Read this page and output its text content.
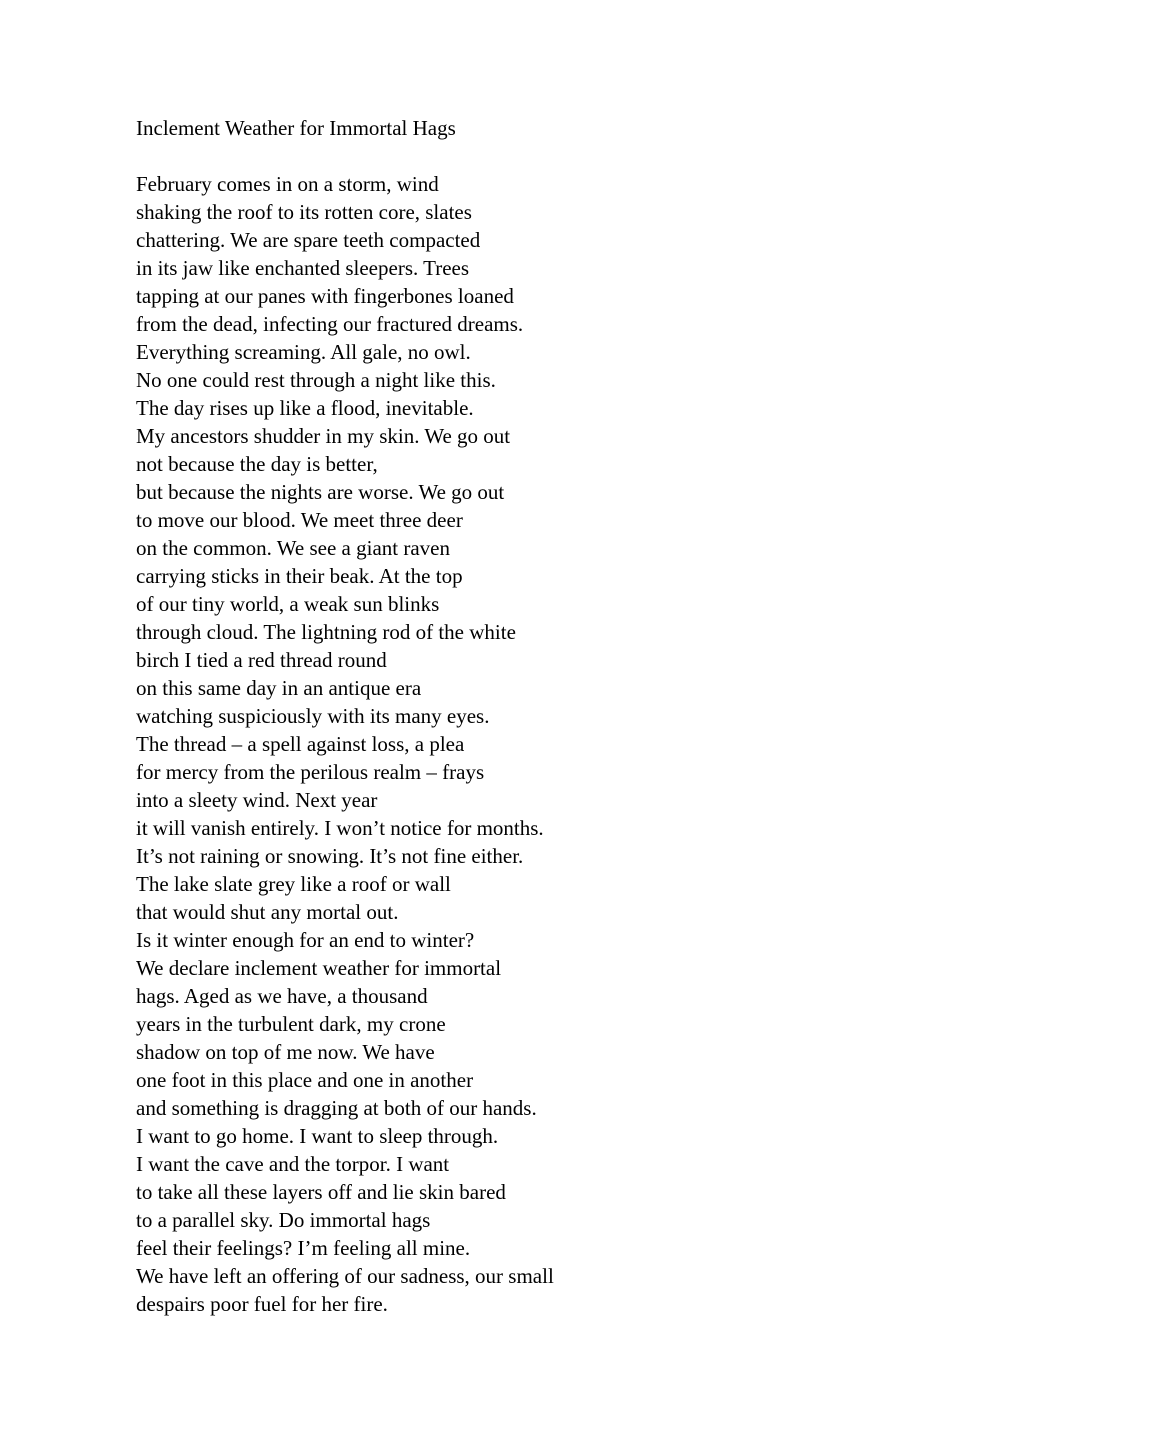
Inclement Weather for Immortal Hags
February comes in on a storm, wind
shaking the roof to its rotten core, slates
chattering. We are spare teeth compacted
in its jaw like enchanted sleepers. Trees
tapping at our panes with fingerbones loaned
from the dead, infecting our fractured dreams.
Everything screaming. All gale, no owl.
No one could rest through a night like this.
The day rises up like a flood, inevitable.
My ancestors shudder in my skin. We go out
not because the day is better,
but because the nights are worse. We go out
to move our blood. We meet three deer
on the common. We see a giant raven
carrying sticks in their beak. At the top
of our tiny world, a weak sun blinks
through cloud. The lightning rod of the white
birch I tied a red thread round
on this same day in an antique era
watching suspiciously with its many eyes.
The thread – a spell against loss, a plea
for mercy from the perilous realm – frays
into a sleety wind. Next year
it will vanish entirely. I won’t notice for months.
It’s not raining or snowing. It’s not fine either.
The lake slate grey like a roof or wall
that would shut any mortal out.
Is it winter enough for an end to winter?
We declare inclement weather for immortal
hags. Aged as we have, a thousand
years in the turbulent dark, my crone
shadow on top of me now. We have
one foot in this place and one in another
and something is dragging at both of our hands.
I want to go home. I want to sleep through.
I want the cave and the torpor. I want
to take all these layers off and lie skin bared
to a parallel sky. Do immortal hags
feel their feelings? I’m feeling all mine.
We have left an offering of our sadness, our small
despairs poor fuel for her fire.
